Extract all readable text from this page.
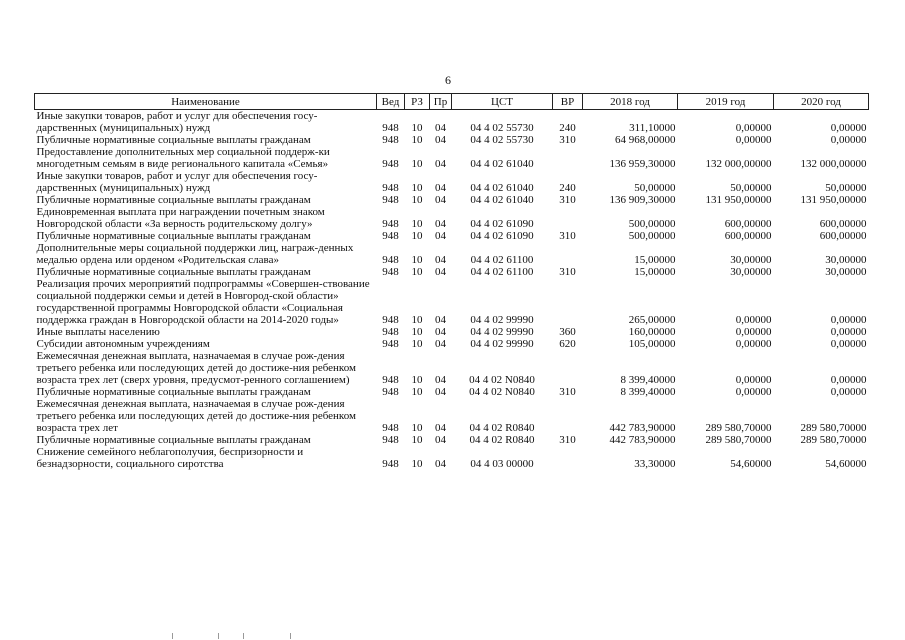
6
Наименование	Вед	РЗ	Пр	ЦСТ	ВР	2018 год	2019 год	2020 год
Иные закупки товаров, работ и услуг для обеспечения госу-дарственных (муниципальных) нужд	948	10	04	04 4 02 55730	240	311,10000	0,00000	0,00000
Публичные нормативные социальные выплаты гражданам	948	10	04	04 4 02 55730	310	64 968,00000	0,00000	0,00000
Предоставление дополнительных мер социальной поддерж-ки многодетным семьям в виде регионального капитала «Семья»	948	10	04	04 4 02 61040		136 959,30000	132 000,00000	132 000,00000
Иные закупки товаров, работ и услуг для обеспечения госу-дарственных (муниципальных) нужд	948	10	04	04 4 02 61040	240	50,00000	50,00000	50,00000
Публичные нормативные социальные выплаты гражданам	948	10	04	04 4 02 61040	310	136 909,30000	131 950,00000	131 950,00000
Единовременная выплата при награждении почетным знаком Новгородской области «За верность родительскому долгу»	948	10	04	04 4 02 61090		500,00000	600,00000	600,00000
Публичные нормативные социальные выплаты гражданам	948	10	04	04 4 02 61090	310	500,00000	600,00000	600,00000
Дополнительные меры социальной поддержки лиц, награж-денных медалью ордена или орденом «Родительская слава»	948	10	04	04 4 02 61100		15,00000	30,00000	30,00000
Публичные нормативные социальные выплаты гражданам	948	10	04	04 4 02 61100	310	15,00000	30,00000	30,00000
Реализация прочих мероприятий подпрограммы «Совершен-ствование социальной поддержки семьи и детей в Новгород-ской области» государственной программы Новгородской области «Социальная поддержка граждан в Новгородской области на 2014-2020 годы»	948	10	04	04 4 02 99990		265,00000	0,00000	0,00000
Иные выплаты населению	948	10	04	04 4 02 99990	360	160,00000	0,00000	0,00000
Субсидии автономным учреждениям	948	10	04	04 4 02 99990	620	105,00000	0,00000	0,00000
Ежемесячная денежная выплата, назначаемая в случае рож-дения третьего ребенка или последующих детей до достиже-ния ребенком возраста трех лет (сверх уровня, предусмот-ренного соглашением)	948	10	04	04 4 02 N0840		8 399,40000	0,00000	0,00000
Публичные нормативные социальные выплаты гражданам	948	10	04	04 4 02 N0840	310	8 399,40000	0,00000	0,00000
Ежемесячная денежная выплата, назначаемая в случае рож-дения третьего ребенка или последующих детей до достиже-ния ребенком возраста трех лет	948	10	04	04 4 02 R0840		442 783,90000	289 580,70000	289 580,70000
Публичные нормативные социальные выплаты гражданам	948	10	04	04 4 02 R0840	310	442 783,90000	289 580,70000	289 580,70000
Снижение семейного неблагополучия, беспризорности и безнадзорности, социального сиротства	948	10	04	04 4 03 00000		33,30000	54,60000	54,60000
